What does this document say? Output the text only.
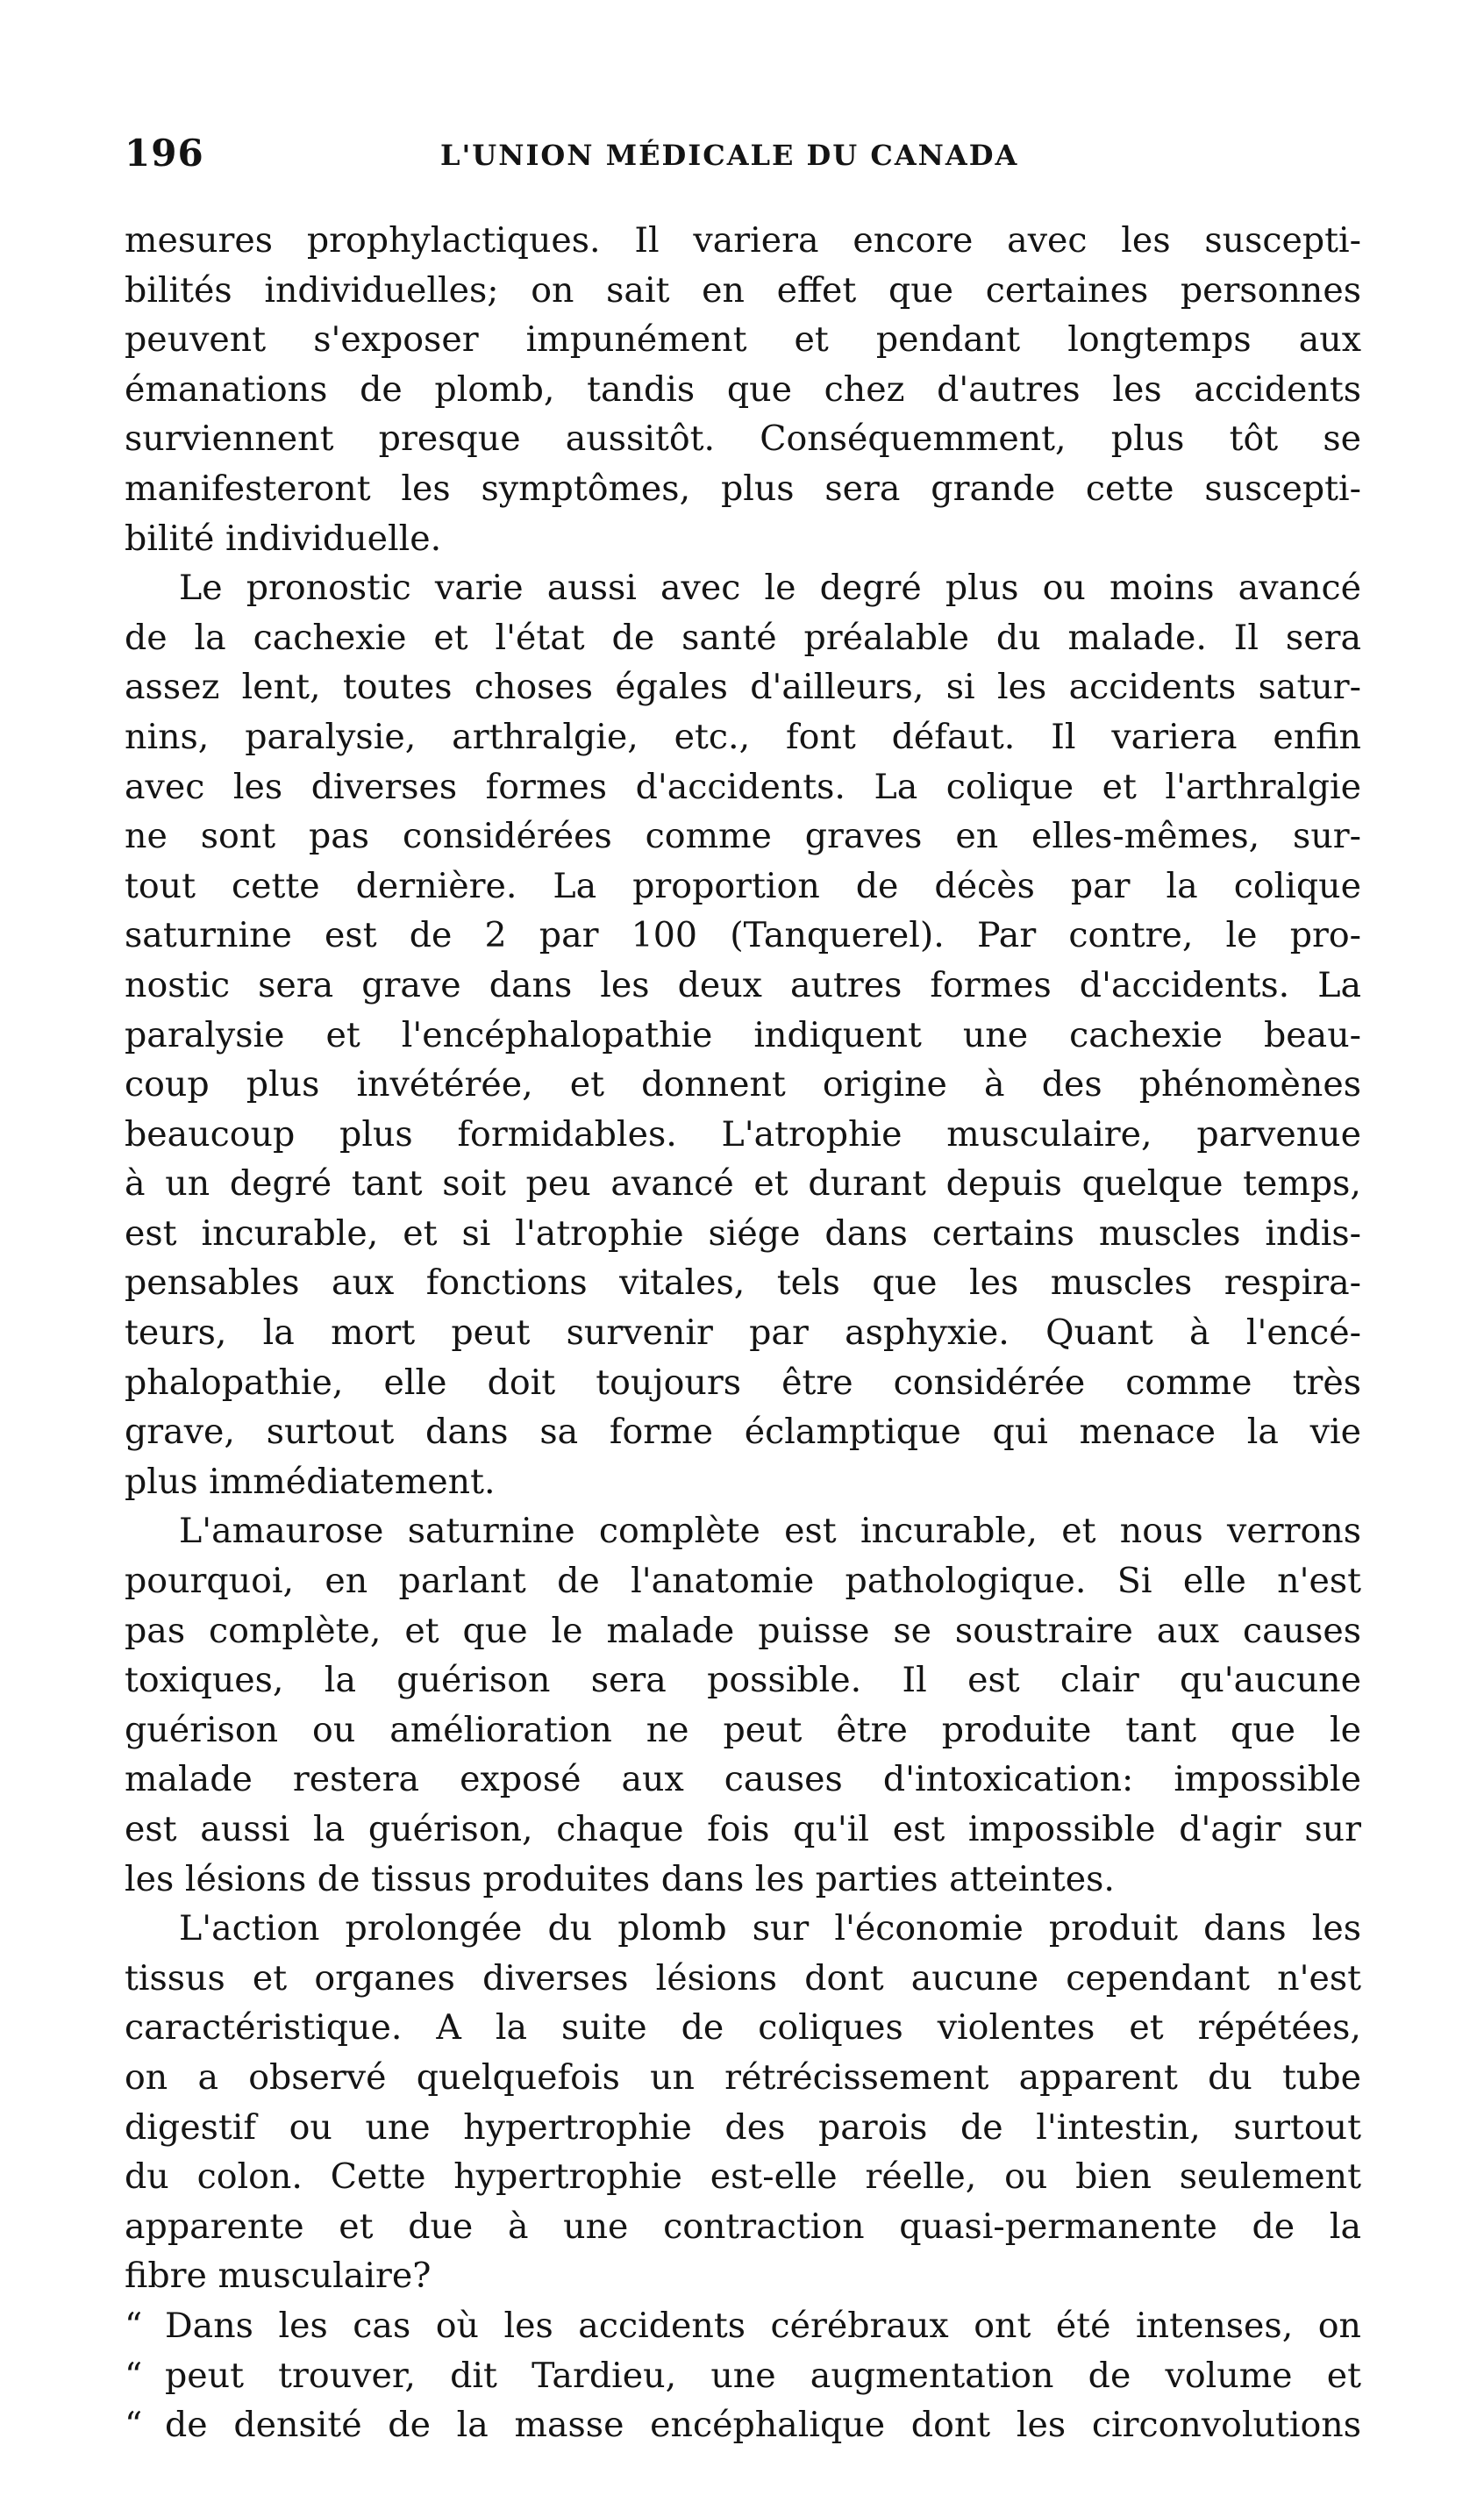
196	L'UNION MÉDICALE DU CANADA
mesures prophylactiques. Il variera encore avec les suscepti-
bilités individuelles; on sait en effet que certaines personnes
peuvent s'exposer impunément et pendant longtemps aux
émanations de plomb, tandis que chez d'autres les accidents
surviennent presque aussitôt. Conséquemment, plus tôt se
manifesteront les symptômes, plus sera grande cette suscepti-
bilité individuelle.
Le pronostic varie aussi avec le degré plus ou moins avancé
de la cachexie et l'état de santé préalable du malade. Il sera
assez lent, toutes choses égales d'ailleurs, si les accidents satur-
nins, paralysie, arthralgie, etc., font défaut. Il variera enfin
avec les diverses formes d'accidents. La colique et l'arthralgie
ne sont pas considérées comme graves en elles-mêmes, sur-
tout cette dernière. La proportion de décès par la colique
saturnine est de 2 par 100 (Tanquerel). Par contre, le pro-
nostic sera grave dans les deux autres formes d'accidents. La
paralysie et l'encéphalopathie indiquent une cachexie beau-
coup plus invétérée, et donnent origine à des phénomènes
beaucoup plus formidables. L'atrophie musculaire, parvenue
à un degré tant soit peu avancé et durant depuis quelque temps,
est incurable, et si l'atrophie siége dans certains muscles indis-
pensables aux fonctions vitales, tels que les muscles respira-
teurs, la mort peut survenir par asphyxie. Quant à l'encé-
phalopathie, elle doit toujours être considérée comme très
grave, surtout dans sa forme éclamptique qui menace la vie
plus immédiatement.
L'amaurose saturnine complète est incurable, et nous verrons
pourquoi, en parlant de l'anatomie pathologique. Si elle n'est
pas complète, et que le malade puisse se soustraire aux causes
toxiques, la guérison sera possible. Il est clair qu'aucune
guérison ou amélioration ne peut être produite tant que le
malade restera exposé aux causes d'intoxication: impossible
est aussi la guérison, chaque fois qu'il est impossible d'agir sur
les lésions de tissus produites dans les parties atteintes.
L'action prolongée du plomb sur l'économie produit dans les
tissus et organes diverses lésions dont aucune cependant n'est
caractéristique. A la suite de coliques violentes et répétées,
on a observé quelquefois un rétrécissement apparent du tube
digestif ou une hypertrophie des parois de l'intestin, surtout
du colon. Cette hypertrophie est-elle réelle, ou bien seulement
apparente et due à une contraction quasi-permanente de la
fibre musculaire?
“ Dans les cas où les accidents cérébraux ont été intenses, on
“ peut trouver, dit Tardieu, une augmentation de volume et
“ de densité de la masse encéphalique dont les circonvolutions
